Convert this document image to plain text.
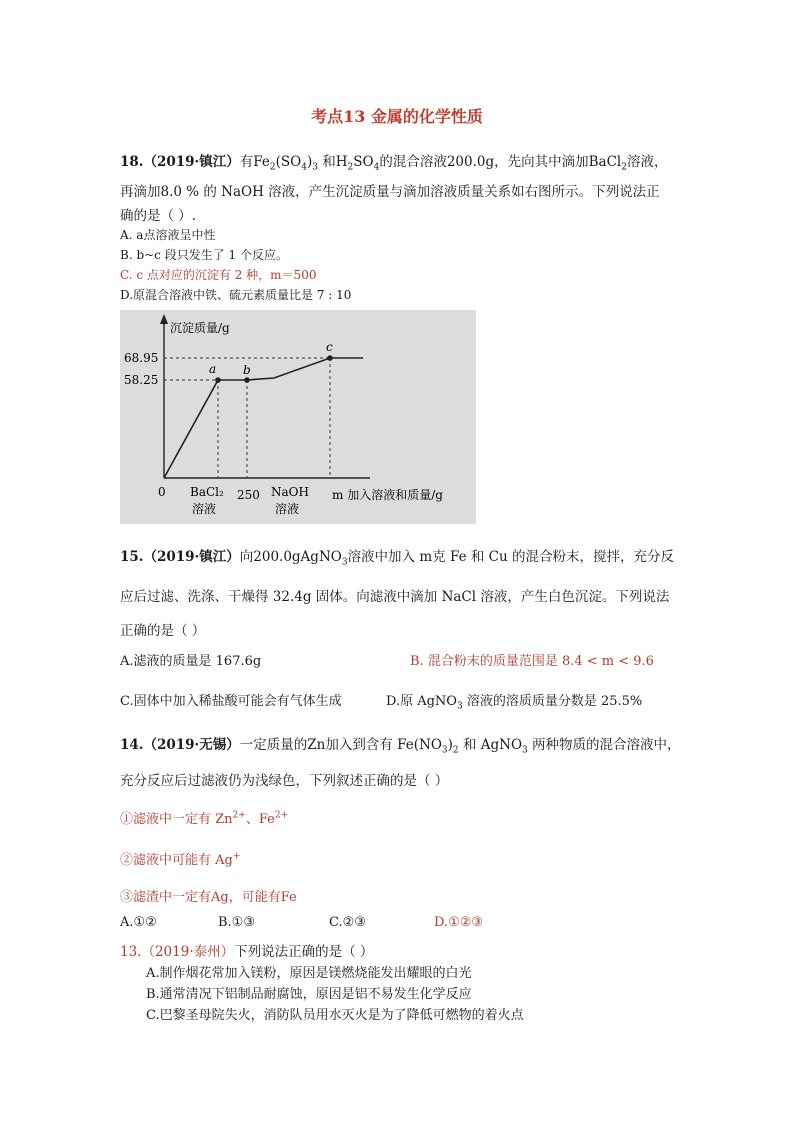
考点13 金属的化学性质
18.（2019·镇江）有$Fe_2(SO_4)_3$ 和$H_2SO_4$的混合溶液200.0g，先向其中滴加BaCl$_2$溶液，
再滴加8.0 % 的 NaOH 溶液，产生沉淀质量与滴加溶液质量关系如右图所示。下列说法正
确的是（ ）.
A. a点溶液呈中性
B. b~c 段只发生了 1 个反应。
C. c 点对应的沉淀有 2 种，m＝500
D.原混合溶液中铁、硫元素质量比是 7 : 10
沉淀质量/g
68.95
58.25
a b
c
0 BaCl₂
溶液
250 NaOH
溶液
m 加入溶液和质量/g
15.（2019·镇江）向200.0gAgNO$_3$溶液中加入 m克 Fe 和 Cu 的混合粉末，搅拌，充分反
应后过滤、洗涤、干燥得 32.4g 固体。向滤液中滴加 NaCl 溶液，产生白色沉淀。下列说法
正确的是（ ）
A.滤液的质量是 167.6g	B. 混合粉末的质量范围是 8.4 < m < 9.6
C.固体中加入稀盐酸可能会有气体生成	D.原 AgNO$_3$ 溶液的溶质质量分数是 25.5%
14.（2019·无锡）一定质量的Zn加入到含有 $Fe(NO_3)_2$ 和 AgNO$_3$ 两种物质的混合溶液中，
充分反应后过滤液仍为浅绿色，下列叙述正确的是（ ）
①滤液中一定有 $Zn^{2+}$、$Fe^{2+}$
②滤液中可能有 Ag+
③滤渣中一定有Ag，可能有Fe
A.①②	B.①③	C.②③	D.①②③
13.（2019·泰州）下列说法正确的是（ ）
A.制作烟花常加入镁粉，原因是镁燃烧能发出耀眼的白光
B.通常清况下铝制品耐腐蚀，原因是铝不易发生化学反应
C.巴黎圣母院失火，消防队员用水灭火是为了降低可燃物的着火点
